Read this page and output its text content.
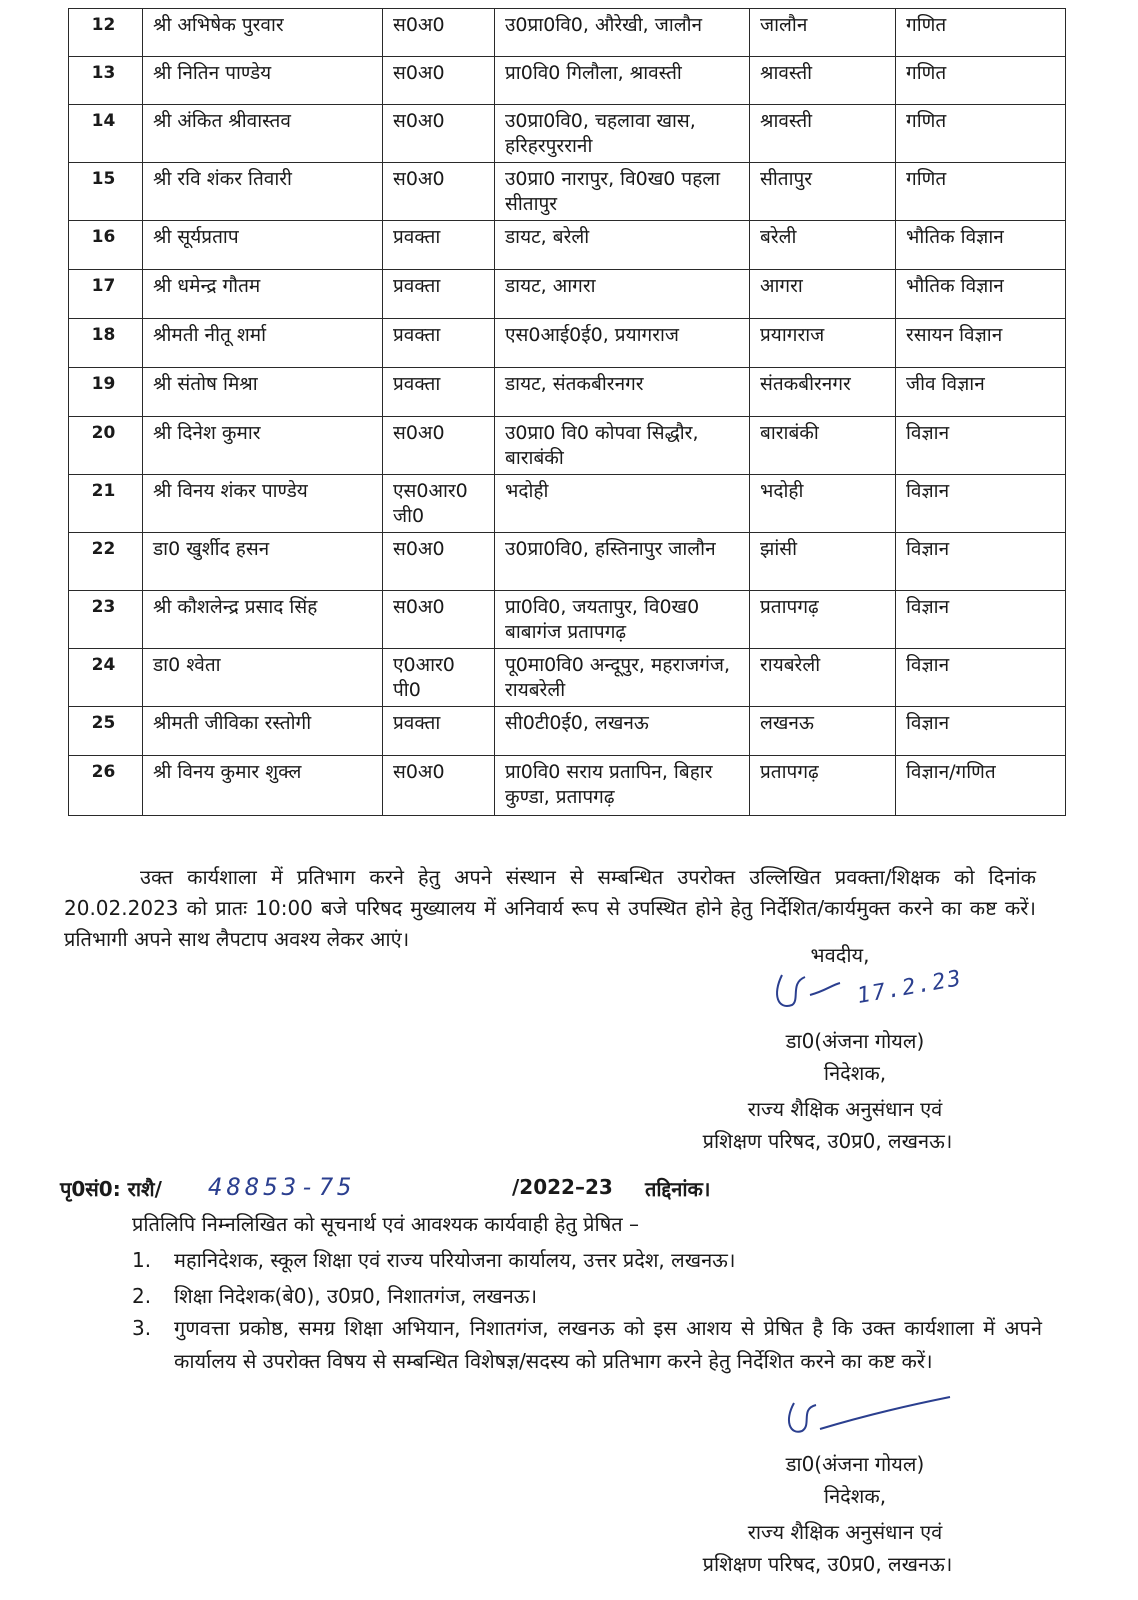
12	श्री अभिषेक पुरवार	स0अ0	उ0प्रा0वि0, औरेखी, जालौन	जालौन	गणित
13	श्री नितिन पाण्डेय	स0अ0	प्रा0वि0 गिलौला, श्रावस्ती	श्रावस्ती	गणित
14	श्री अंकित श्रीवास्तव	स0अ0	उ0प्रा0वि0, चहलावा खास, हरिहरपुररानी	श्रावस्ती	गणित
15	श्री रवि शंकर तिवारी	स0अ0	उ0प्रा0 नारापुर, वि0ख0 पहला सीतापुर	सीतापुर	गणित
16	श्री सूर्यप्रताप	प्रवक्ता	डायट, बरेली	बरेली	भौतिक विज्ञान
17	श्री धमेन्द्र गौतम	प्रवक्ता	डायट, आगरा	आगरा	भौतिक विज्ञान
18	श्रीमती नीतू शर्मा	प्रवक्ता	एस0आई0ई0, प्रयागराज	प्रयागराज	रसायन विज्ञान
19	श्री संतोष मिश्रा	प्रवक्ता	डायट, संतकबीरनगर	संतकबीरनगर	जीव विज्ञान
20	श्री दिनेश कुमार	स0अ0	उ0प्रा0 वि0 कोपवा सिद्धौर, बाराबंकी	बाराबंकी	विज्ञान
21	श्री विनय शंकर पाण्डेय	एस0आर0 जी0	भदोही	भदोही	विज्ञान
22	डा0 खुर्शीद हसन	स0अ0	उ0प्रा0वि0, हस्तिनापुर जालौन	झांसी	विज्ञान
23	श्री कौशलेन्द्र प्रसाद सिंह	स0अ0	प्रा0वि0, जयतापुर, वि0ख0 बाबागंज प्रतापगढ़	प्रतापगढ़	विज्ञान
24	डा0 श्वेता	ए0आर0 पी0	पू0मा0वि0 अन्दूपुर, महराजगंज, रायबरेली	रायबरेली	विज्ञान
25	श्रीमती जीविका रस्तोगी	प्रवक्ता	सी0टी0ई0, लखनऊ	लखनऊ	विज्ञान
26	श्री विनय कुमार शुक्ल	स0अ0	प्रा0वि0 सराय प्रतापिन, बिहार कुण्डा, प्रतापगढ़	प्रतापगढ़	विज्ञान/गणित
उक्त कार्यशाला में प्रतिभाग करने हेतु अपने संस्थान से सम्बन्धित उपरोक्त उल्लिखित प्रवक्ता/शिक्षक को दिनांक 20.02.2023 को प्रातः 10:00 बजे परिषद मुख्यालय में अनिवार्य रूप से उपस्थित होने हेतु निर्देशित/कार्यमुक्त करने का कष्ट करें। प्रतिभागी अपने साथ लैपटाप अवश्य लेकर आएं।
भवदीय,
17.2.23
डा0(अंजना गोयल)
निदेशक,
राज्य शैक्षिक अनुसंधान एवं
प्रशिक्षण परिषद, उ0प्र0, लखनऊ।
पृ0सं0: राशै/ 48853-75	/2022–23 तद्दिनांक।
प्रतिलिपि निम्नलिखित को सूचनार्थ एवं आवश्यक कार्यवाही हेतु प्रेषित –
1.	महानिदेशक, स्कूल शिक्षा एवं राज्य परियोजना कार्यालय, उत्तर प्रदेश, लखनऊ।
2.	शिक्षा निदेशक(बे0), उ0प्र0, निशातगंज, लखनऊ।
3.	गुणवत्ता प्रकोष्ठ, समग्र शिक्षा अभियान, निशातगंज, लखनऊ को इस आशय से प्रेषित है कि उक्त कार्यशाला में अपने कार्यालय से उपरोक्त विषय से सम्बन्धित विशेषज्ञ/सदस्य को प्रतिभाग करने हेतु निर्देशित करने का कष्ट करें।
डा0(अंजना गोयल)
निदेशक,
राज्य शैक्षिक अनुसंधान एवं
प्रशिक्षण परिषद, उ0प्र0, लखनऊ।
